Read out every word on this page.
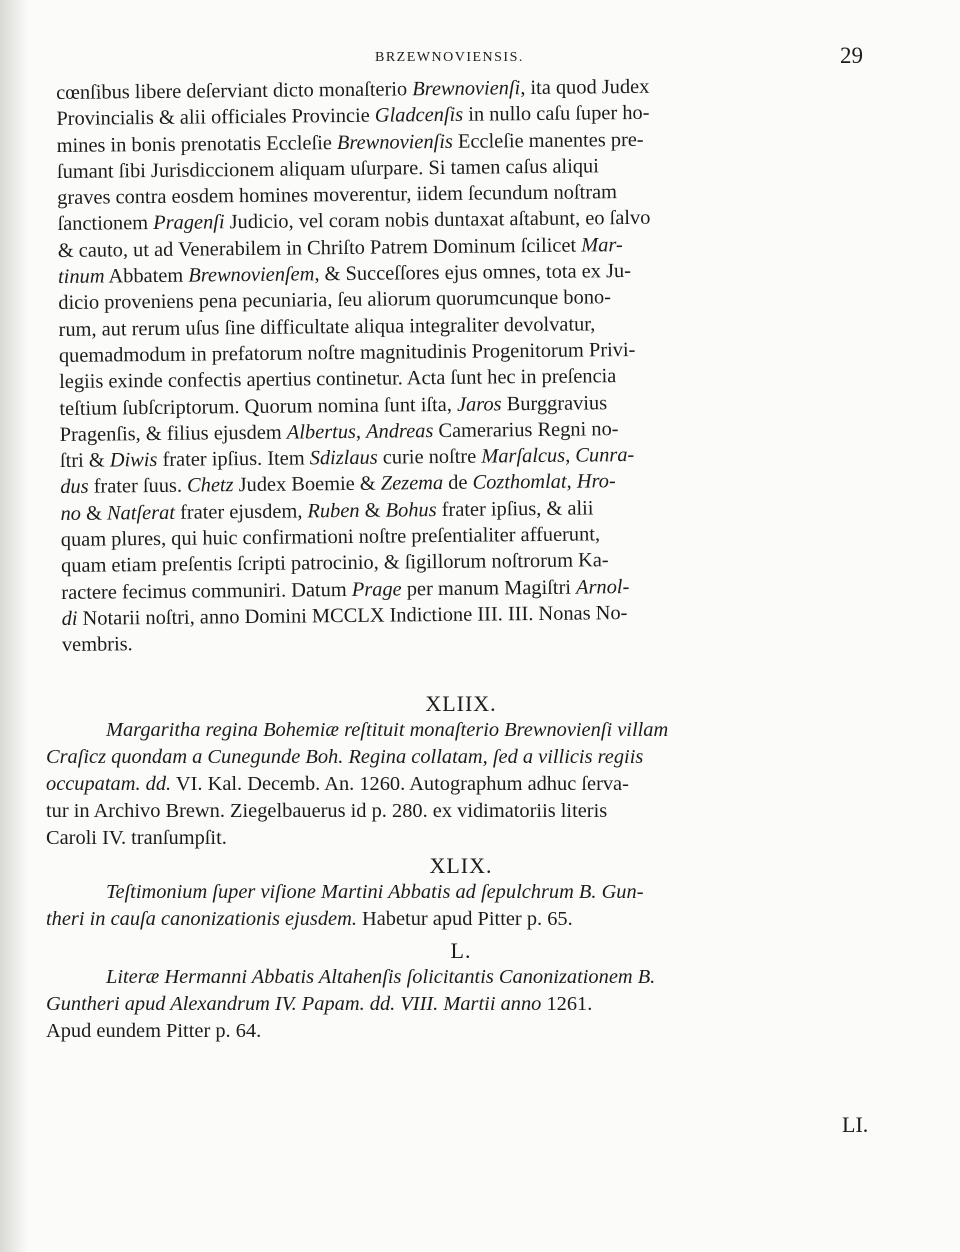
BRZEWNOVIENSIS.	29
cœnſibus libere deſerviant dicto monaſterio Brewnovienſi, ita quod Judex
Provincialis & alii officiales Provincie Gladcenſis in nullo caſu ſuper ho-
mines in bonis prenotatis Eccleſie Brewnovienſis Eccleſie manentes pre-
ſumant ſibi Jurisdiccionem aliquam uſurpare. Si tamen caſus aliqui
graves contra eosdem homines moverentur, iidem ſecundum noſtram
ſanctionem Pragenſi Judicio, vel coram nobis duntaxat aſtabunt, eo ſalvo
& cauto, ut ad Venerabilem in Chriſto Patrem Dominum ſcilicet Mar-
tinum Abbatem Brewnovienſem, & Succeſſores ejus omnes, tota ex Ju-
dicio proveniens pena pecuniaria, ſeu aliorum quorumcunque bono-
rum, aut rerum uſus ſine difficultate aliqua integraliter devolvatur,
quemadmodum in prefatorum noſtre magnitudinis Progenitorum Privi-
legiis exinde confectis apertius continetur. Acta ſunt hec in preſencia
teſtium ſubſcriptorum. Quorum nomina ſunt iſta, Jaros Burggravius
Pragenſis, & filius ejusdem Albertus, Andreas Camerarius Regni no-
ſtri & Diwis frater ipſius. Item Sdizlaus curie noſtre Marſalcus, Cunra-
dus frater ſuus. Chetz Judex Boemie & Zezema de Cozthomlat, Hro-
no & Natſerat frater ejusdem, Ruben & Bohus frater ipſius, & alii
quam plures, qui huic confirmationi noſtre preſentialiter affuerunt,
quam etiam preſentis ſcripti patrocinio, & ſigillorum noſtrorum Ka-
ractere fecimus communiri. Datum Prage per manum Magiſtri Arnol-
di Notarii noſtri, anno Domini MCCLX Indictione III. III. Nonas No-
vembris.
XLIIX.

Margaritha regina Bohemiæ reſtituit monaſterio Brewnovienſi villam
Craſicz quondam a Cunegunde Boh. Regina collatam, ſed a villicis regiis
occupatam. dd. VI. Kal. Decemb. An. 1260. Autographum adhuc ſerva-
tur in Archivo Brewn. Ziegelbauerus id p. 280. ex vidimatoriis literis
Caroli IV. tranſumpſit.

XLIX.

Teſtimonium ſuper viſione Martini Abbatis ad ſepulchrum B. Gun-
theri in cauſa canonizationis ejusdem. Habetur apud Pitter p. 65.

L.

Literæ Hermanni Abbatis Altahenſis ſolicitantis Canonizationem B.
Guntheri apud Alexandrum IV. Papam. dd. VIII. Martii anno 1261.
Apud eundem Pitter p. 64.

LI.
